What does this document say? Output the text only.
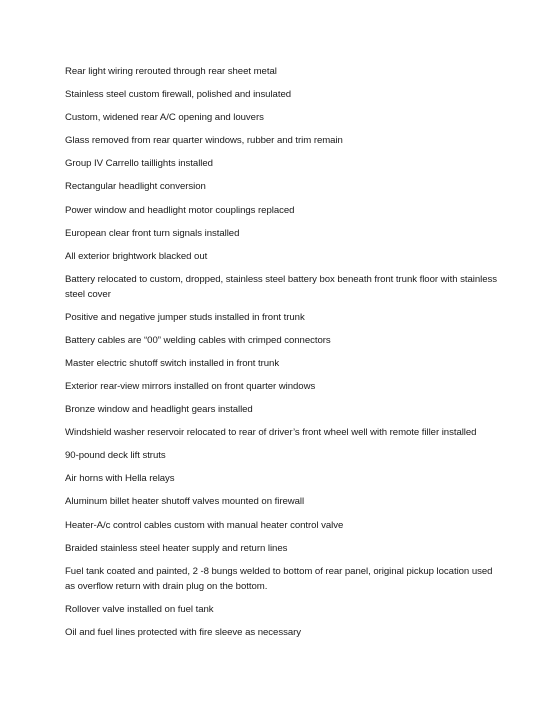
Rear light wiring rerouted through rear sheet metal
Stainless steel custom firewall, polished and insulated
Custom, widened rear A/C opening and louvers
Glass removed from rear quarter windows, rubber and trim remain
Group IV Carrello taillights installed
Rectangular headlight conversion
Power window and headlight motor couplings replaced
European clear front turn signals installed
All exterior brightwork blacked out
Battery relocated to custom, dropped, stainless steel battery box beneath front trunk floor with stainless steel cover
Positive and negative jumper studs installed in front trunk
Battery cables are “00” welding cables with crimped connectors
Master electric shutoff switch installed in front trunk
Exterior rear-view mirrors installed on front quarter windows
Bronze window and headlight gears installed
Windshield washer reservoir relocated to rear of driver’s front wheel well with remote filler installed
90-pound deck lift struts
Air horns with Hella relays
Aluminum billet heater shutoff valves mounted on firewall
Heater-A/c control cables custom with manual heater control valve
Braided stainless steel heater supply and return lines
Fuel tank coated and painted, 2 -8 bungs welded to bottom of rear panel, original pickup location used as overflow return with drain plug on the bottom.
Rollover valve installed on fuel tank
Oil and fuel lines protected with fire sleeve as necessary
